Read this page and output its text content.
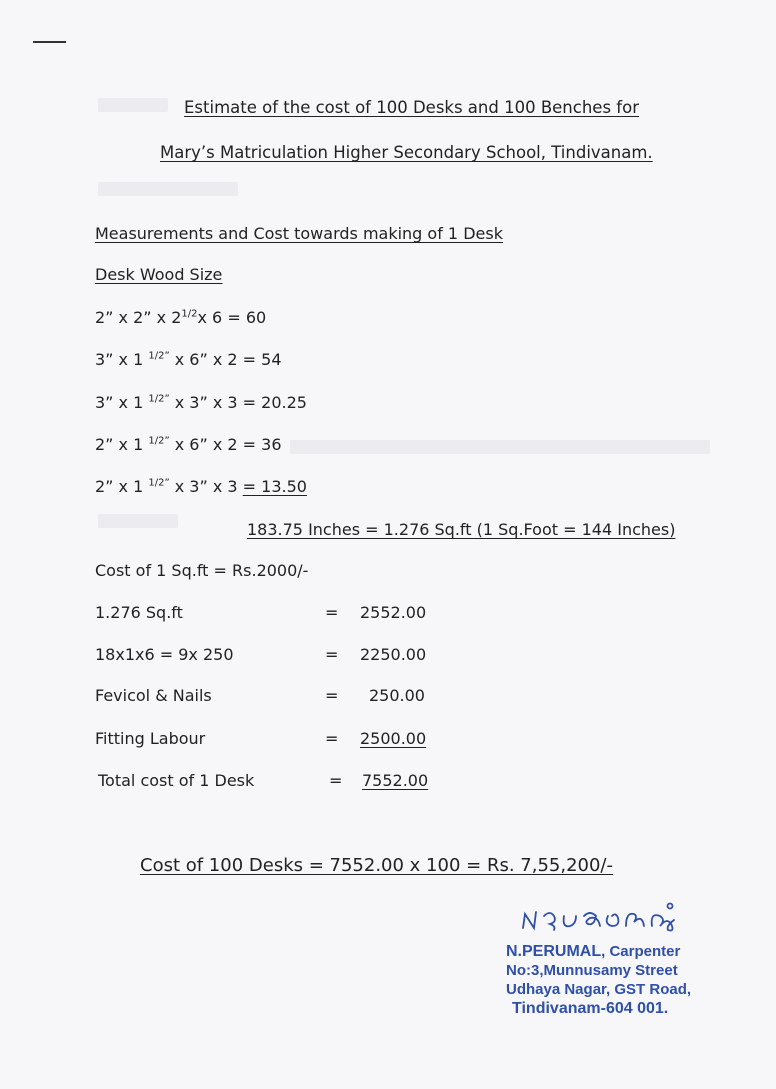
Estimate of the cost of 100 Desks and 100 Benches for
Mary’s Matriculation Higher Secondary School, Tindivanam.
Measurements and Cost towards making of 1 Desk
Desk Wood Size
2” x 2” x $2^{1/2}x$ 6 = 60
3” x 1 $^{1/2”}$ x 6” x 2 = 54
3” x 1 $^{1/2”}$ x 3” x 3 = 20.25
2” x 1 $^{1/2”}$ x 6” x 2 = 36
2” x 1 $^{1/2”}$ x 3” x 3 = 13.50
183.75 Inches = 1.276 Sq.ft (1 Sq.Foot = 144 Inches)
Cost of 1 Sq.ft = Rs.2000/-
1.276 Sq.ft	= 2552.00
18x1x6 = 9x 250	= 2250.00
Fevicol & Nails	= 250.00
Fitting Labour	= 2500.00
Total cost of 1 Desk	= 7552.00
Cost of 100 Desks = 7552.00 x 100 = Rs. 7,55,200/-
N.PERUMAL, Carpenter
No:3,Munnusamy Street
Udhaya Nagar, GST Road,
Tindivanam-604 001.
